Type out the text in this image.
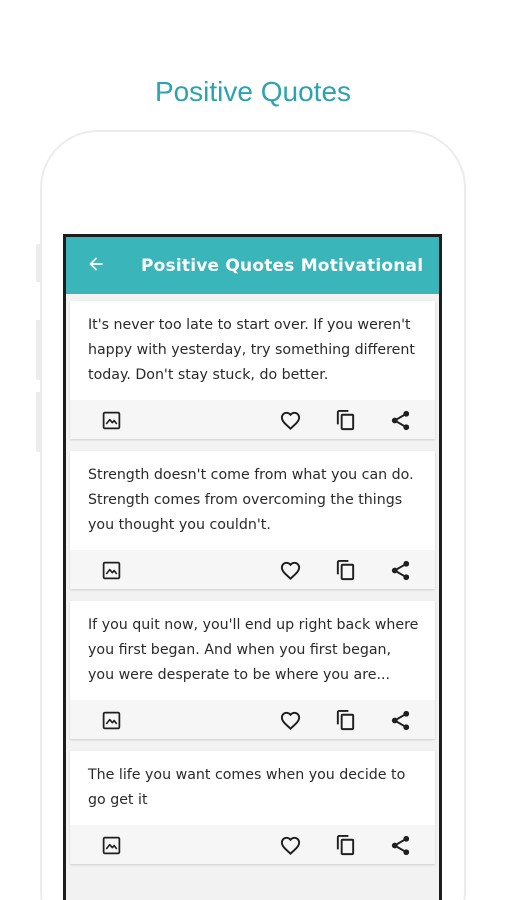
Positive Quotes
Positive Quotes Motivational
It's never too late to start over. If you weren't happy with yesterday, try something different today. Don't stay stuck, do better.
Strength doesn't come from what you can do. Strength comes from overcoming the things you thought you couldn't.
If you quit now, you'll end up right back where you first began. And when you first began, you were desperate to be where you are...
The life you want comes when you decide to go get it
